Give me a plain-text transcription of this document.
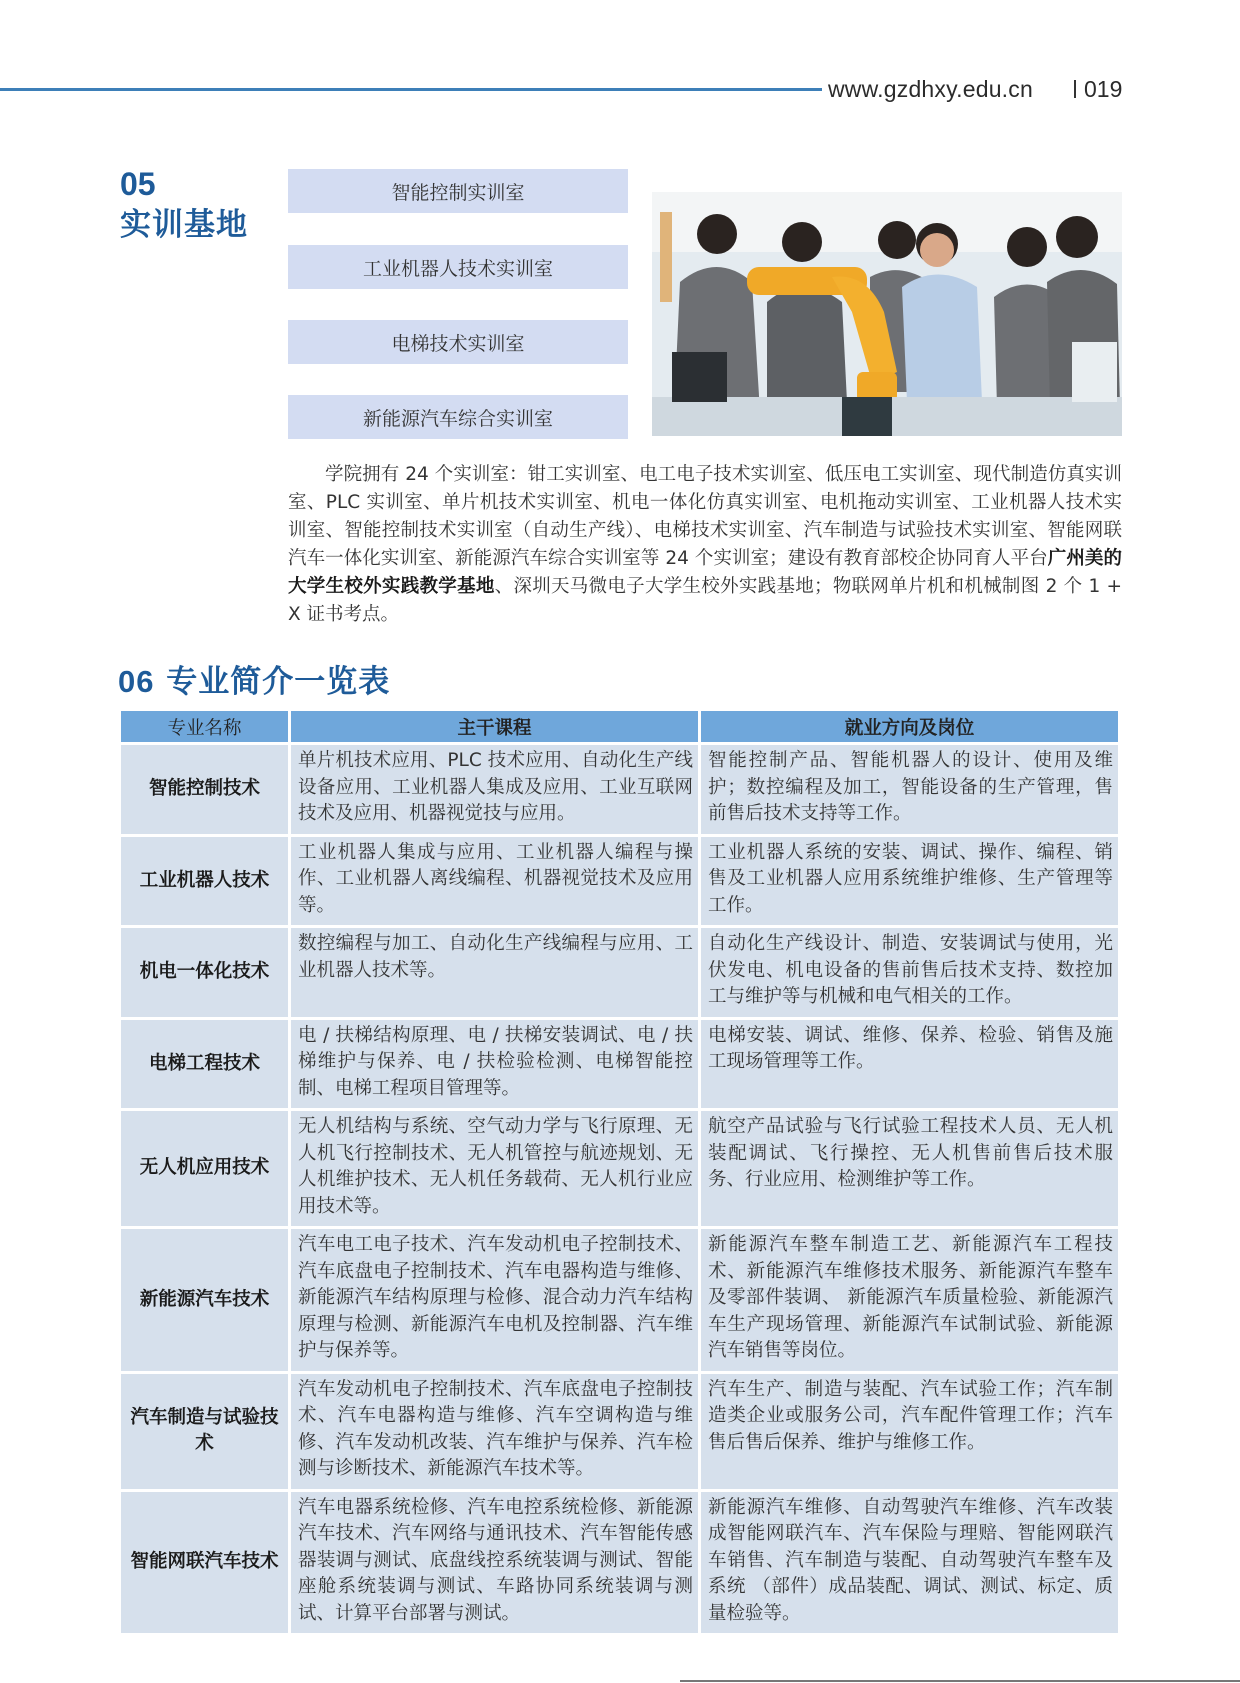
www.gzdhxy.edu.cn 019
05
实训基地
智能控制实训室
工业机器人技术实训室
电梯技术实训室
新能源汽车综合实训室

学院拥有 24 个实训室：钳工实训室、电工电子技术实训室、低压电工实训室、现代制造仿真实训室、PLC 实训室、单片机技术实训室、机电一体化仿真实训室、电机拖动实训室、工业机器人技术实训室、智能控制技术实训室（自动生产线）、电梯技术实训室、汽车制造与试验技术实训室、智能网联汽车一体化实训室、新能源汽车综合实训室等 24 个实训室；建设有教育部校企协同育人平台广州美的大学生校外实践教学基地、深圳天马微电子大学生校外实践基地；物联网单片机和机械制图 2 个 1 + X 证书考点。

06 专业简介一览表
专业名称	主干课程	就业方向及岗位
智能控制技术	单片机技术应用、PLC 技术应用、自动化生产线设备应用、工业机器人集成及应用、工业互联网技术及应用、机器视觉技与应用。	智能控制产品、智能机器人的设计、使用及维护；数控编程及加工，智能设备的生产管理，售前售后技术支持等工作。
工业机器人技术	工业机器人集成与应用、工业机器人编程与操作、工业机器人离线编程、机器视觉技术及应用等。	工业机器人系统的安装、调试、操作、编程、销售及工业机器人应用系统维护维修、生产管理等工作。
机电一体化技术	数控编程与加工、自动化生产线编程与应用、工业机器人技术等。	自动化生产线设计、制造、安装调试与使用，光伏发电、机电设备的售前售后技术支持、数控加工与维护等与机械和电气相关的工作。
电梯工程技术	电 / 扶梯结构原理、电 / 扶梯安装调试、电 / 扶梯维护与保养、电 / 扶检验检测、电梯智能控制、电梯工程项目管理等。	电梯安装、调试、维修、保养、检验、销售及施工现场管理等工作。
无人机应用技术	无人机结构与系统、空气动力学与飞行原理、无人机飞行控制技术、无人机管控与航迹规划、无人机维护技术、无人机任务载荷、无人机行业应用技术等。	航空产品试验与飞行试验工程技术人员、无人机装配调试、飞行操控、无人机售前售后技术服务、行业应用、检测维护等工作。
新能源汽车技术	汽车电工电子技术、汽车发动机电子控制技术、汽车底盘电子控制技术、汽车电器构造与维修、新能源汽车结构原理与检修、混合动力汽车结构原理与检测、新能源汽车电机及控制器、汽车维护与保养等。	新能源汽车整车制造工艺、新能源汽车工程技术、新能源汽车维修技术服务、新能源汽车整车及零部件装调、 新能源汽车质量检验、新能源汽车生产现场管理、新能源汽车试制试验、新能源汽车销售等岗位。
汽车制造与试验技术	汽车发动机电子控制技术、汽车底盘电子控制技术、汽车电器构造与维修、汽车空调构造与维修、汽车发动机改装、汽车维护与保养、汽车检测与诊断技术、新能源汽车技术等。	汽车生产、制造与装配、汽车试验工作；汽车制造类企业或服务公司，汽车配件管理工作；汽车售后售后保养、维护与维修工作。
智能网联汽车技术	汽车电器系统检修、汽车电控系统检修、新能源汽车技术、汽车网络与通讯技术、汽车智能传感器装调与测试、底盘线控系统装调与测试、智能座舱系统装调与测试、车路协同系统装调与测试、计算平台部署与测试。	新能源汽车维修、自动驾驶汽车维修、汽车改装成智能网联汽车、汽车保险与理赔、智能网联汽车销售、汽车制造与装配、自动驾驶汽车整车及系统 （部件）成品装配、调试、测试、标定、质量检验等。
